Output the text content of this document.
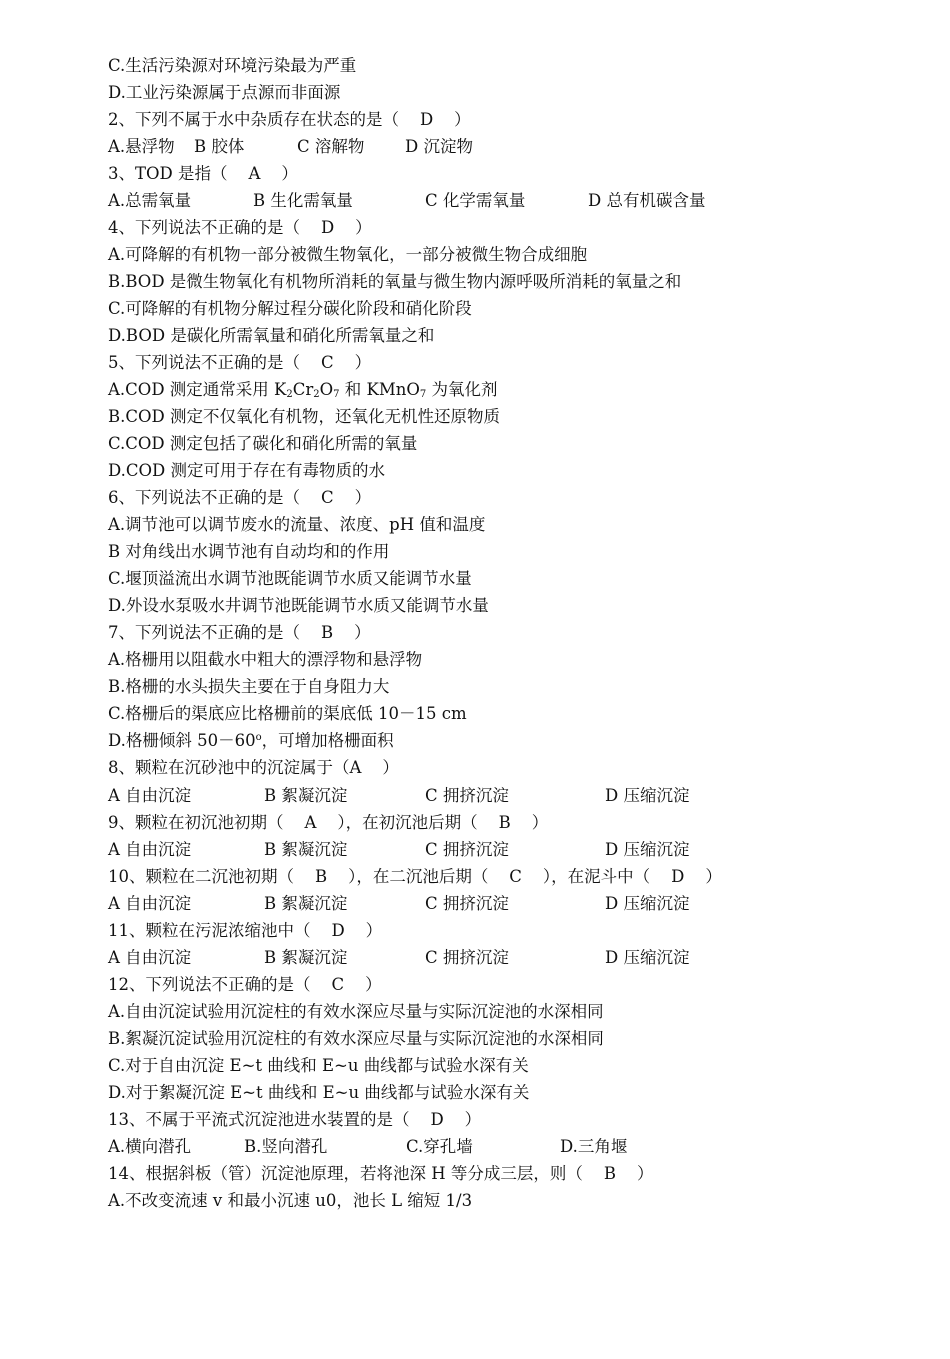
C.生活污染源对环境污染最为严重
D.工业污染源属于点源而非面源
2、下列不属于水中杂质存在状态的是（    D    ）
A.悬浮物 B 胶体	C 溶解物 D 沉淀物
3、TOD 是指（    A    ）
A.总需氧量	B 生化需氧量	C 化学需氧量	D 总有机碳含量
4、下列说法不正确的是（    D    ）
A.可降解的有机物一部分被微生物氧化，一部分被微生物合成细胞
B.BOD 是微生物氧化有机物所消耗的氧量与微生物内源呼吸所消耗的氧量之和
C.可降解的有机物分解过程分碳化阶段和硝化阶段
D.BOD 是碳化所需氧量和硝化所需氧量之和
5、下列说法不正确的是（    C    ）
A.COD 测定通常采用 $K_2Cr_2O_7$ 和 KMnO$_7$ 为氧化剂
B.COD 测定不仅氧化有机物，还氧化无机性还原物质
C.COD 测定包括了碳化和硝化所需的氧量
D.COD 测定可用于存在有毒物质的水
6、下列说法不正确的是（    C    ）
A.调节池可以调节废水的流量、浓度、pH 值和温度
B 对角线出水调节池有自动均和的作用
C.堰顶溢流出水调节池既能调节水质又能调节水量
D.外设水泵吸水井调节池既能调节水质又能调节水量
7、下列说法不正确的是（    B    ）
A.格栅用以阻截水中粗大的漂浮物和悬浮物
B.格栅的水头损失主要在于自身阻力大
C.格栅后的渠底应比格栅前的渠底低 10－15 cm
D.格栅倾斜 $50-60^o$，可增加格栅面积
8、颗粒在沉砂池中的沉淀属于（A    ）
A 自由沉淀	B 絮凝沉淀	C 拥挤沉淀	D 压缩沉淀
9、颗粒在初沉池初期（    A    ），在初沉池后期（    B    ）
A 自由沉淀	B 絮凝沉淀	C 拥挤沉淀	D 压缩沉淀
10、颗粒在二沉池初期（    B    ），在二沉池后期（    C    ），在泥斗中（    D    ）
A 自由沉淀	B 絮凝沉淀	C 拥挤沉淀	D 压缩沉淀
11、颗粒在污泥浓缩池中（    D    ）
A 自由沉淀	B 絮凝沉淀	C 拥挤沉淀	D 压缩沉淀
12、下列说法不正确的是（    C    ）
A.自由沉淀试验用沉淀柱的有效水深应尽量与实际沉淀池的水深相同
B.絮凝沉淀试验用沉淀柱的有效水深应尽量与实际沉淀池的水深相同
C.对于自由沉淀 E~t 曲线和 E~u 曲线都与试验水深有关
D.对于絮凝沉淀 E~t 曲线和 E~u 曲线都与试验水深有关
13、不属于平流式沉淀池进水装置的是（    D    ）
A.横向潜孔	B.竖向潜孔	C.穿孔墙	D.三角堰
14、根据斜板（管）沉淀池原理，若将池深 H 等分成三层，则（    B    ）
A.不改变流速 v 和最小沉速 u0，池长 L 缩短 1/3
